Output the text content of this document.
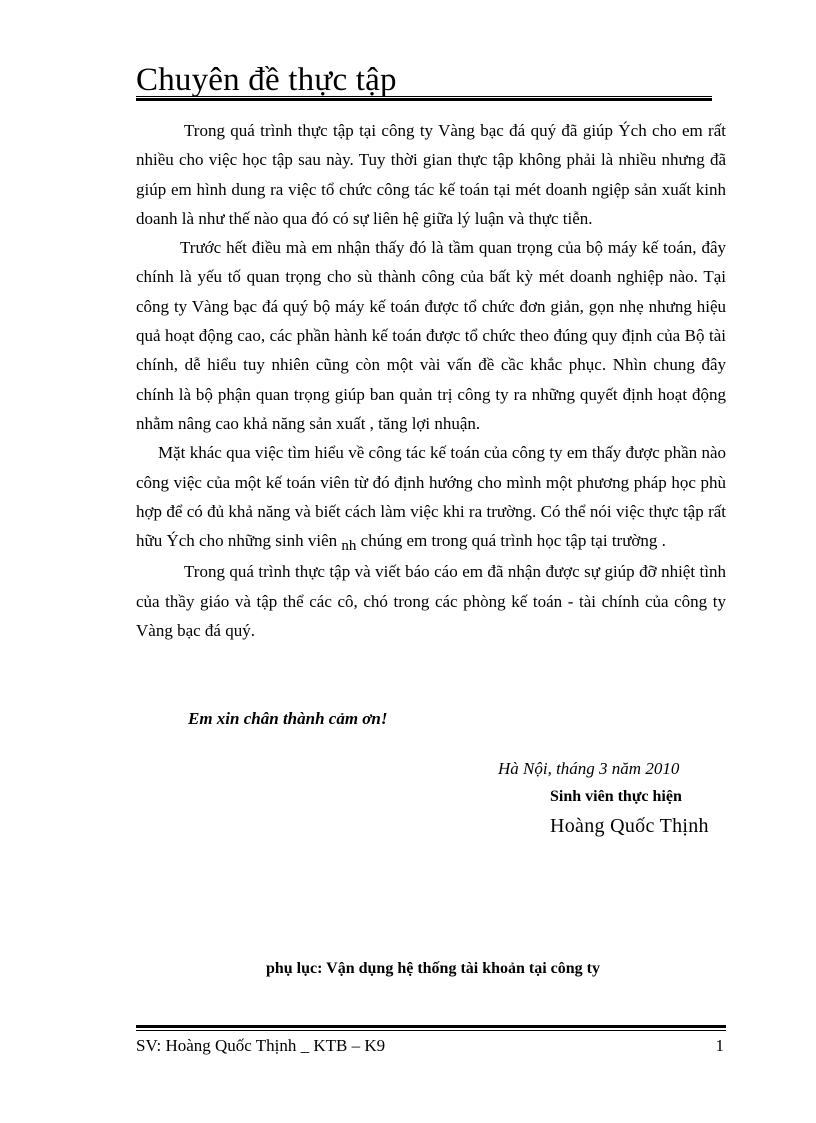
Chuyên đề thực tập

Trong quá trình thực tập tại công ty Vàng bạc đá quý đã giúp Ých cho em rất nhiều cho việc học tập sau này. Tuy thời gian thực tập không phải là nhiều nhưng đã giúp em hình dung ra việc tổ chức công tác kế toán tại mét doanh ngiệp sản xuất kinh doanh là như thế nào qua đó có sự liên hệ giữa lý luận và thực tiễn.

Trước hết điều mà em nhận thấy đó là tầm quan trọng của bộ máy kế toán, đây chính là yếu tố quan trọng cho sù thành công của bất kỳ mét doanh nghiệp nào. Tại công ty Vàng bạc đá quý bộ máy kế toán được tổ chức đơn giản, gọn nhẹ nhưng hiệu quả hoạt động cao, các phần hành kế toán được tổ chức theo đúng quy định của Bộ tài chính, dễ hiểu tuy nhiên cũng còn một vài vấn đề cầc khắc phục. Nhìn chung đây chính là bộ phận quan trọng giúp ban quản trị công ty ra những quyết định hoạt động nhằm nâng cao khả năng sản xuất , tăng lợi nhuận.

Mặt khác qua việc tìm hiểu về công tác kế toán của công ty em thấy được phần nào công việc của một kế toán viên từ đó định hướng cho mình một phương pháp học phù hợp để có đủ khả năng và biết cách làm việc khi ra trường. Có thể nói việc thực tập rất hữu Ých cho những sinh viên nh chúng em trong quá trình học tập tại trường .

Trong quá trình thực tập và viết báo cáo em đã nhận được sự giúp đỡ nhiệt tình của thầy giáo và tập thể các cô, chó trong các phòng kế toán - tài chính của công ty Vàng bạc đá quý.

Em xin chân thành cảm ơn!
Hà Nội, tháng 3 năm 2010
Sinh viên thực hiện
Hoàng Quốc Thịnh
phụ lục: Vận dụng hệ thống tài khoản tại công ty
SV: Hoàng Quốc Thịnh _ KTB – K9	1
